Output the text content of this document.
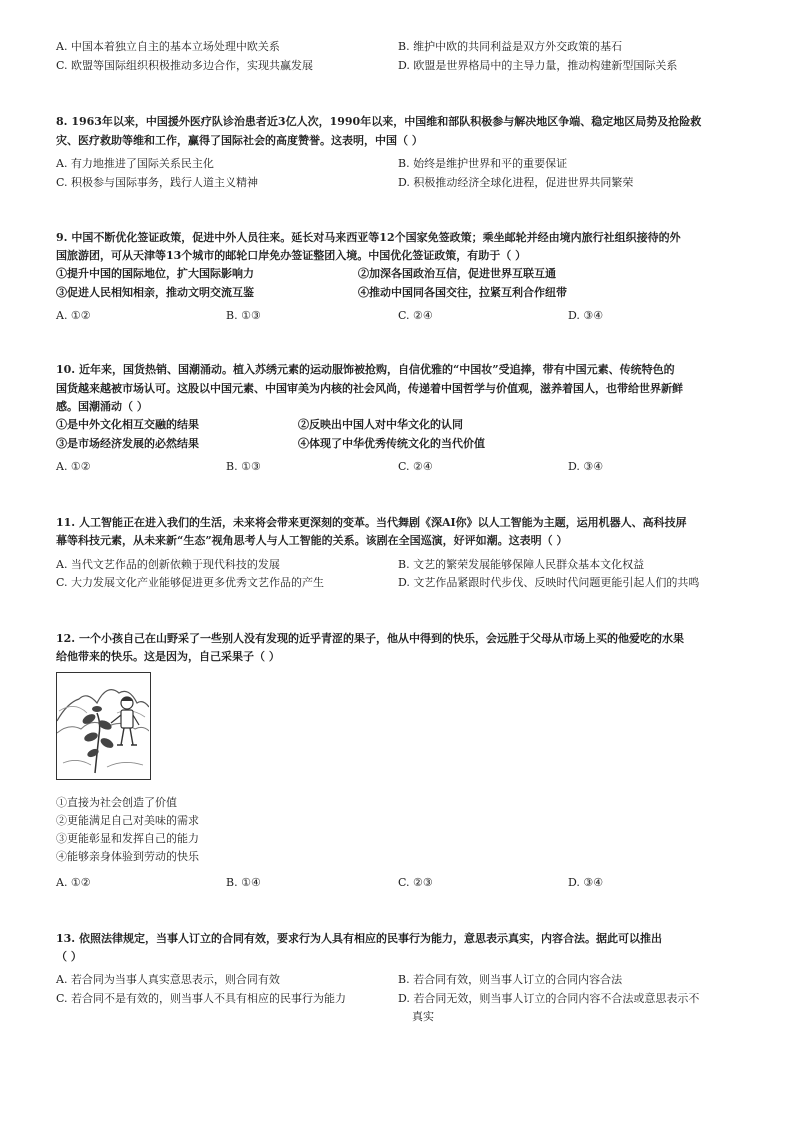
A. 中国本着独立自主的基本立场处理中欧关系	B. 维护中欧的共同利益是双方外交政策的基石
C. 欧盟等国际组织积极推动多边合作，实现共赢发展	D. 欧盟是世界格局中的主导力量，推动构建新型国际关系
8. 1963年以来，中国援外医疗队诊治患者近3亿人次，1990年以来，中国维和部队积极参与解决地区争端、稳定地区局势及抢险救
灾、医疗救助等维和工作，赢得了国际社会的高度赞誉。这表明，中国（ ）
A. 有力地推进了国际关系民主化	B. 始终是维护世界和平的重要保证
C. 积极参与国际事务，践行人道主义精神	D. 积极推动经济全球化进程，促进世界共同繁荣
9. 中国不断优化签证政策，促进中外人员往来。延长对马来西亚等12个国家免签政策；乘坐邮轮并经由境内旅行社组织接待的外
国旅游团，可从天津等13个城市的邮轮口岸免办签证整团入境。中国优化签证政策，有助于（ ）
①提升中国的国际地位，扩大国际影响力	②加深各国政治互信，促进世界互联互通
③促进人民相知相亲，推动文明交流互鉴	④推动中国同各国交往，拉紧互利合作纽带
A. ①②	B. ①③	C. ②④	D. ③④
10. 近年来，国货热销、国潮涌动。植入苏绣元素的运动服饰被抢购，自信优雅的“中国妆”受追捧，带有中国元素、传统特色的
国货越来越被市场认可。这股以中国元素、中国审美为内核的社会风尚，传递着中国哲学与价值观，滋养着国人，也带给世界新鲜
感。国潮涌动（ ）
①是中外文化相互交融的结果	②反映出中国人对中华文化的认同
③是市场经济发展的必然结果	④体现了中华优秀传统文化的当代价值
A. ①②	B. ①③	C. ②④	D. ③④
11. 人工智能正在进入我们的生活，未来将会带来更深刻的变革。当代舞剧《深AI你》以人工智能为主题，运用机器人、高科技屏
幕等科技元素，从未来新“生态”视角思考人与人工智能的关系。该剧在全国巡演，好评如潮。这表明（ ）
A. 当代文艺作品的创新依赖于现代科技的发展	B. 文艺的繁荣发展能够保障人民群众基本文化权益
C. 大力发展文化产业能够促进更多优秀文艺作品的产生	D. 文艺作品紧跟时代步伐、反映时代问题更能引起人们的共鸣
12. 一个小孩自己在山野采了一些别人没有发现的近乎青涩的果子，他从中得到的快乐，会远胜于父母从市场上买的他爱吃的水果
给他带来的快乐。这是因为，自己采果子（ ）
①直接为社会创造了价值
②更能满足自己对美味的需求
③更能彰显和发挥自己的能力
④能够亲身体验到劳动的快乐
A. ①②	B. ①④	C. ②③	D. ③④
13. 依照法律规定，当事人订立的合同有效，要求行为人具有相应的民事行为能力，意思表示真实，内容合法。据此可以推出
（ ）
A. 若合同为当事人真实意思表示，则合同有效	B. 若合同有效，则当事人订立的合同内容合法
C. 若合同不是有效的，则当事人不具有相应的民事行为能力	D. 若合同无效，则当事人订立的合同内容不合法或意思表示不
真实
